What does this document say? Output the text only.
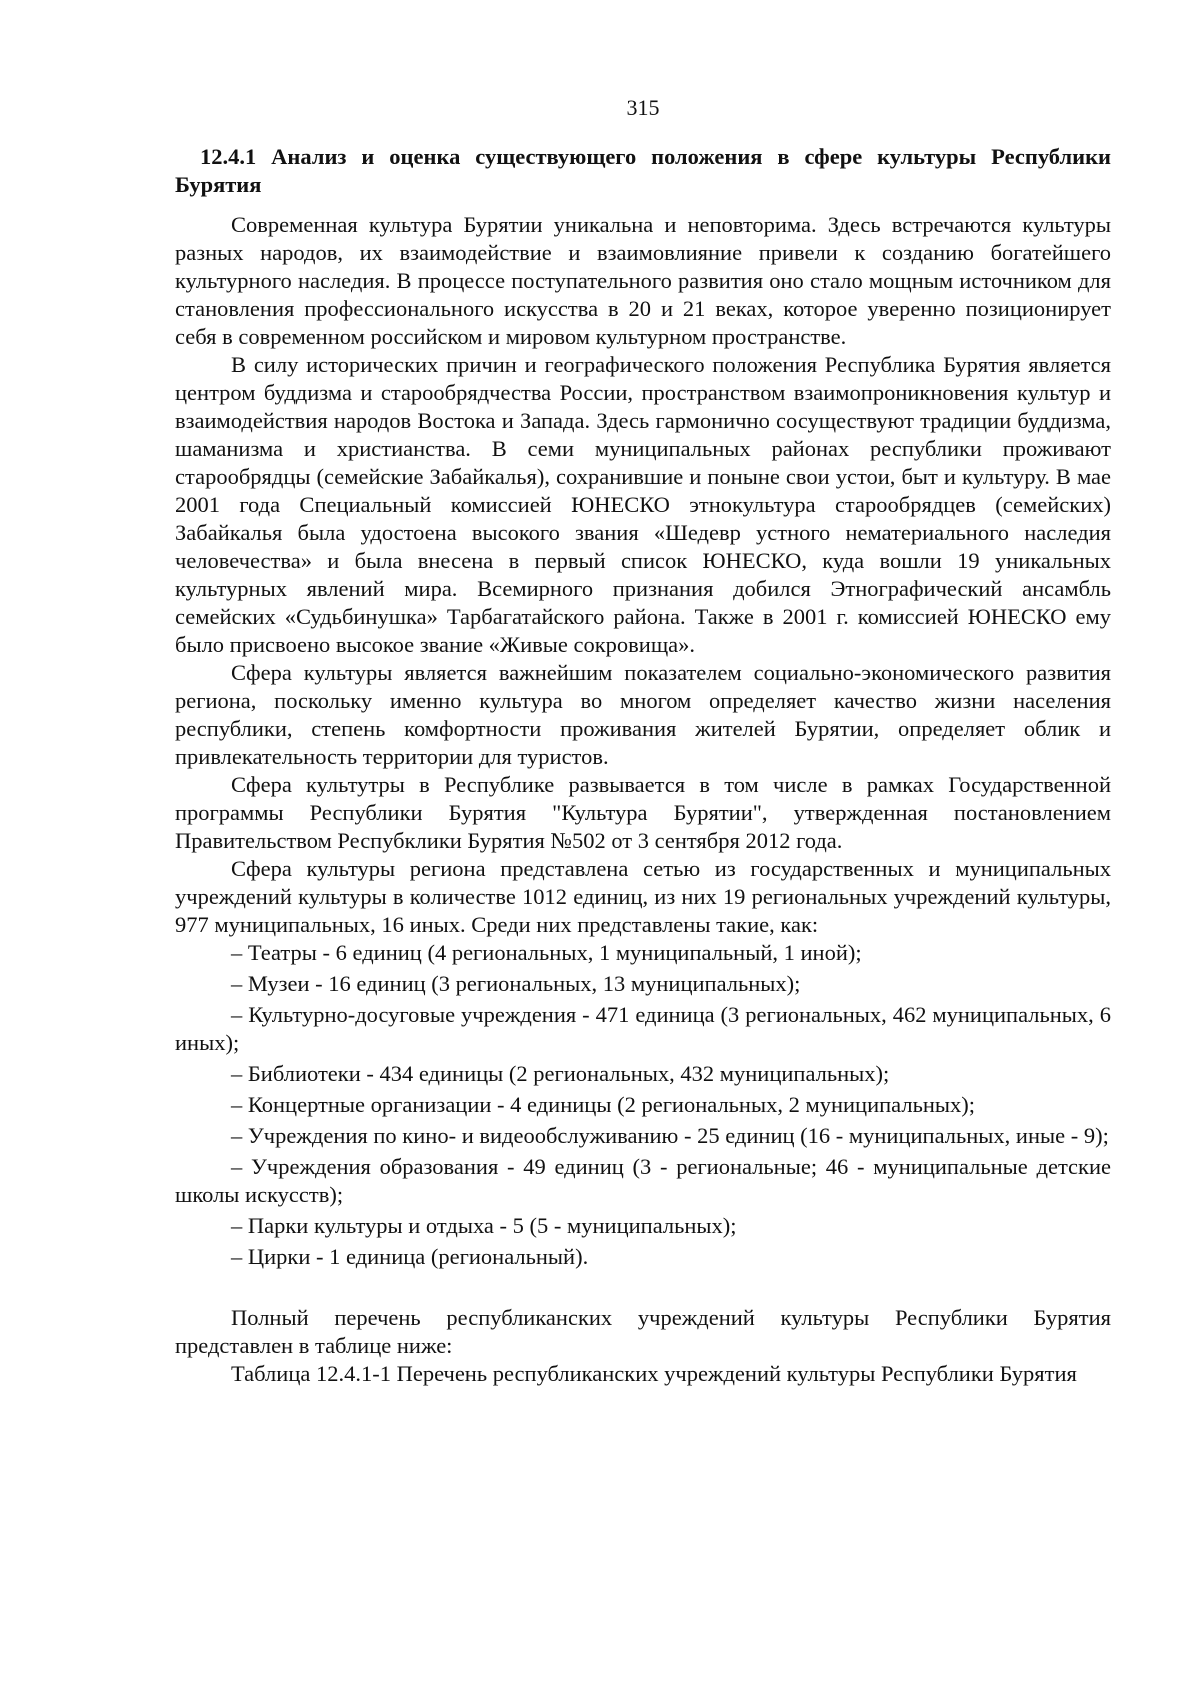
315
12.4.1 Анализ и оценка существующего положения в сфере культуры Республики Бурятия

Современная культура Бурятии уникальна и неповторима. Здесь встречаются культуры разных народов, их взаимодействие и взаимовлияние привели к созданию богатейшего культурного наследия. В процессе поступательного развития оно стало мощным источником для становления профессионального искусства в 20 и 21 веках, которое уверенно позиционирует себя в современном российском и мировом культурном пространстве.

В силу исторических причин и географического положения Республика Бурятия является центром буддизма и старообрядчества России, пространством взаимопроникновения культур и взаимодействия народов Востока и Запада. Здесь гармонично сосуществуют традиции буддизма, шаманизма и христианства. В семи муниципальных районах республики проживают старообрядцы (семейские Забайкалья), сохранившие и поныне свои устои, быт и культуру. В мае 2001 года Специальный комиссией ЮНЕСКО этнокультура старообрядцев (семейских) Забайкалья была удостоена высокого звания «Шедевр устного нематериального наследия человечества» и была внесена в первый список ЮНЕСКО, куда вошли 19 уникальных культурных явлений мира. Всемирного признания добился Этнографический ансамбль семейских «Судьбинушка» Тарбагатайского района. Также в 2001 г. комиссией ЮНЕСКО ему было присвоено высокое звание «Живые сокровища».

Сфера культуры является важнейшим показателем социально-экономического развития региона, поскольку именно культура во многом определяет качество жизни населения республики, степень комфортности проживания жителей Бурятии, определяет облик и привлекательность территории для туристов.

Сфера культутры в Республике развывается в том числе в рамках Государственной программы Республики Бурятия "Культура Бурятии", утвержденная постановлением Правительством Респубклики Бурятия №502 от 3 сентября 2012 года.

Сфера культуры региона представлена сетью из государственных и муниципальных учреждений культуры в количестве 1012 единиц, из них 19 региональных учреждений культуры, 977 муниципальных, 16 иных. Среди них представлены такие, как:

– Театры - 6 единиц (4 региональных, 1 муниципальный, 1 иной);

– Музеи - 16 единиц (3 региональных, 13 муниципальных);

– Культурно-досуговые учреждения - 471 единица (3 региональных, 462 муниципальных, 6 иных);

– Библиотеки - 434 единицы (2 региональных, 432 муниципальных);

– Концертные организации - 4 единицы (2 региональных, 2 муниципальных);

– Учреждения по кино- и видеообслуживанию - 25 единиц (16 - муниципальных, иные - 9);

– Учреждения образования - 49 единиц (3 - региональные; 46 - муниципальные детские школы искусств);

– Парки культуры и отдыха - 5 (5 - муниципальных);

– Цирки - 1 единица (региональный).

Полный перечень республиканских учреждений культуры Республики Бурятия представлен в таблице ниже:

Таблица 12.4.1-1 Перечень республиканских учреждений культуры Республики Бурятия
